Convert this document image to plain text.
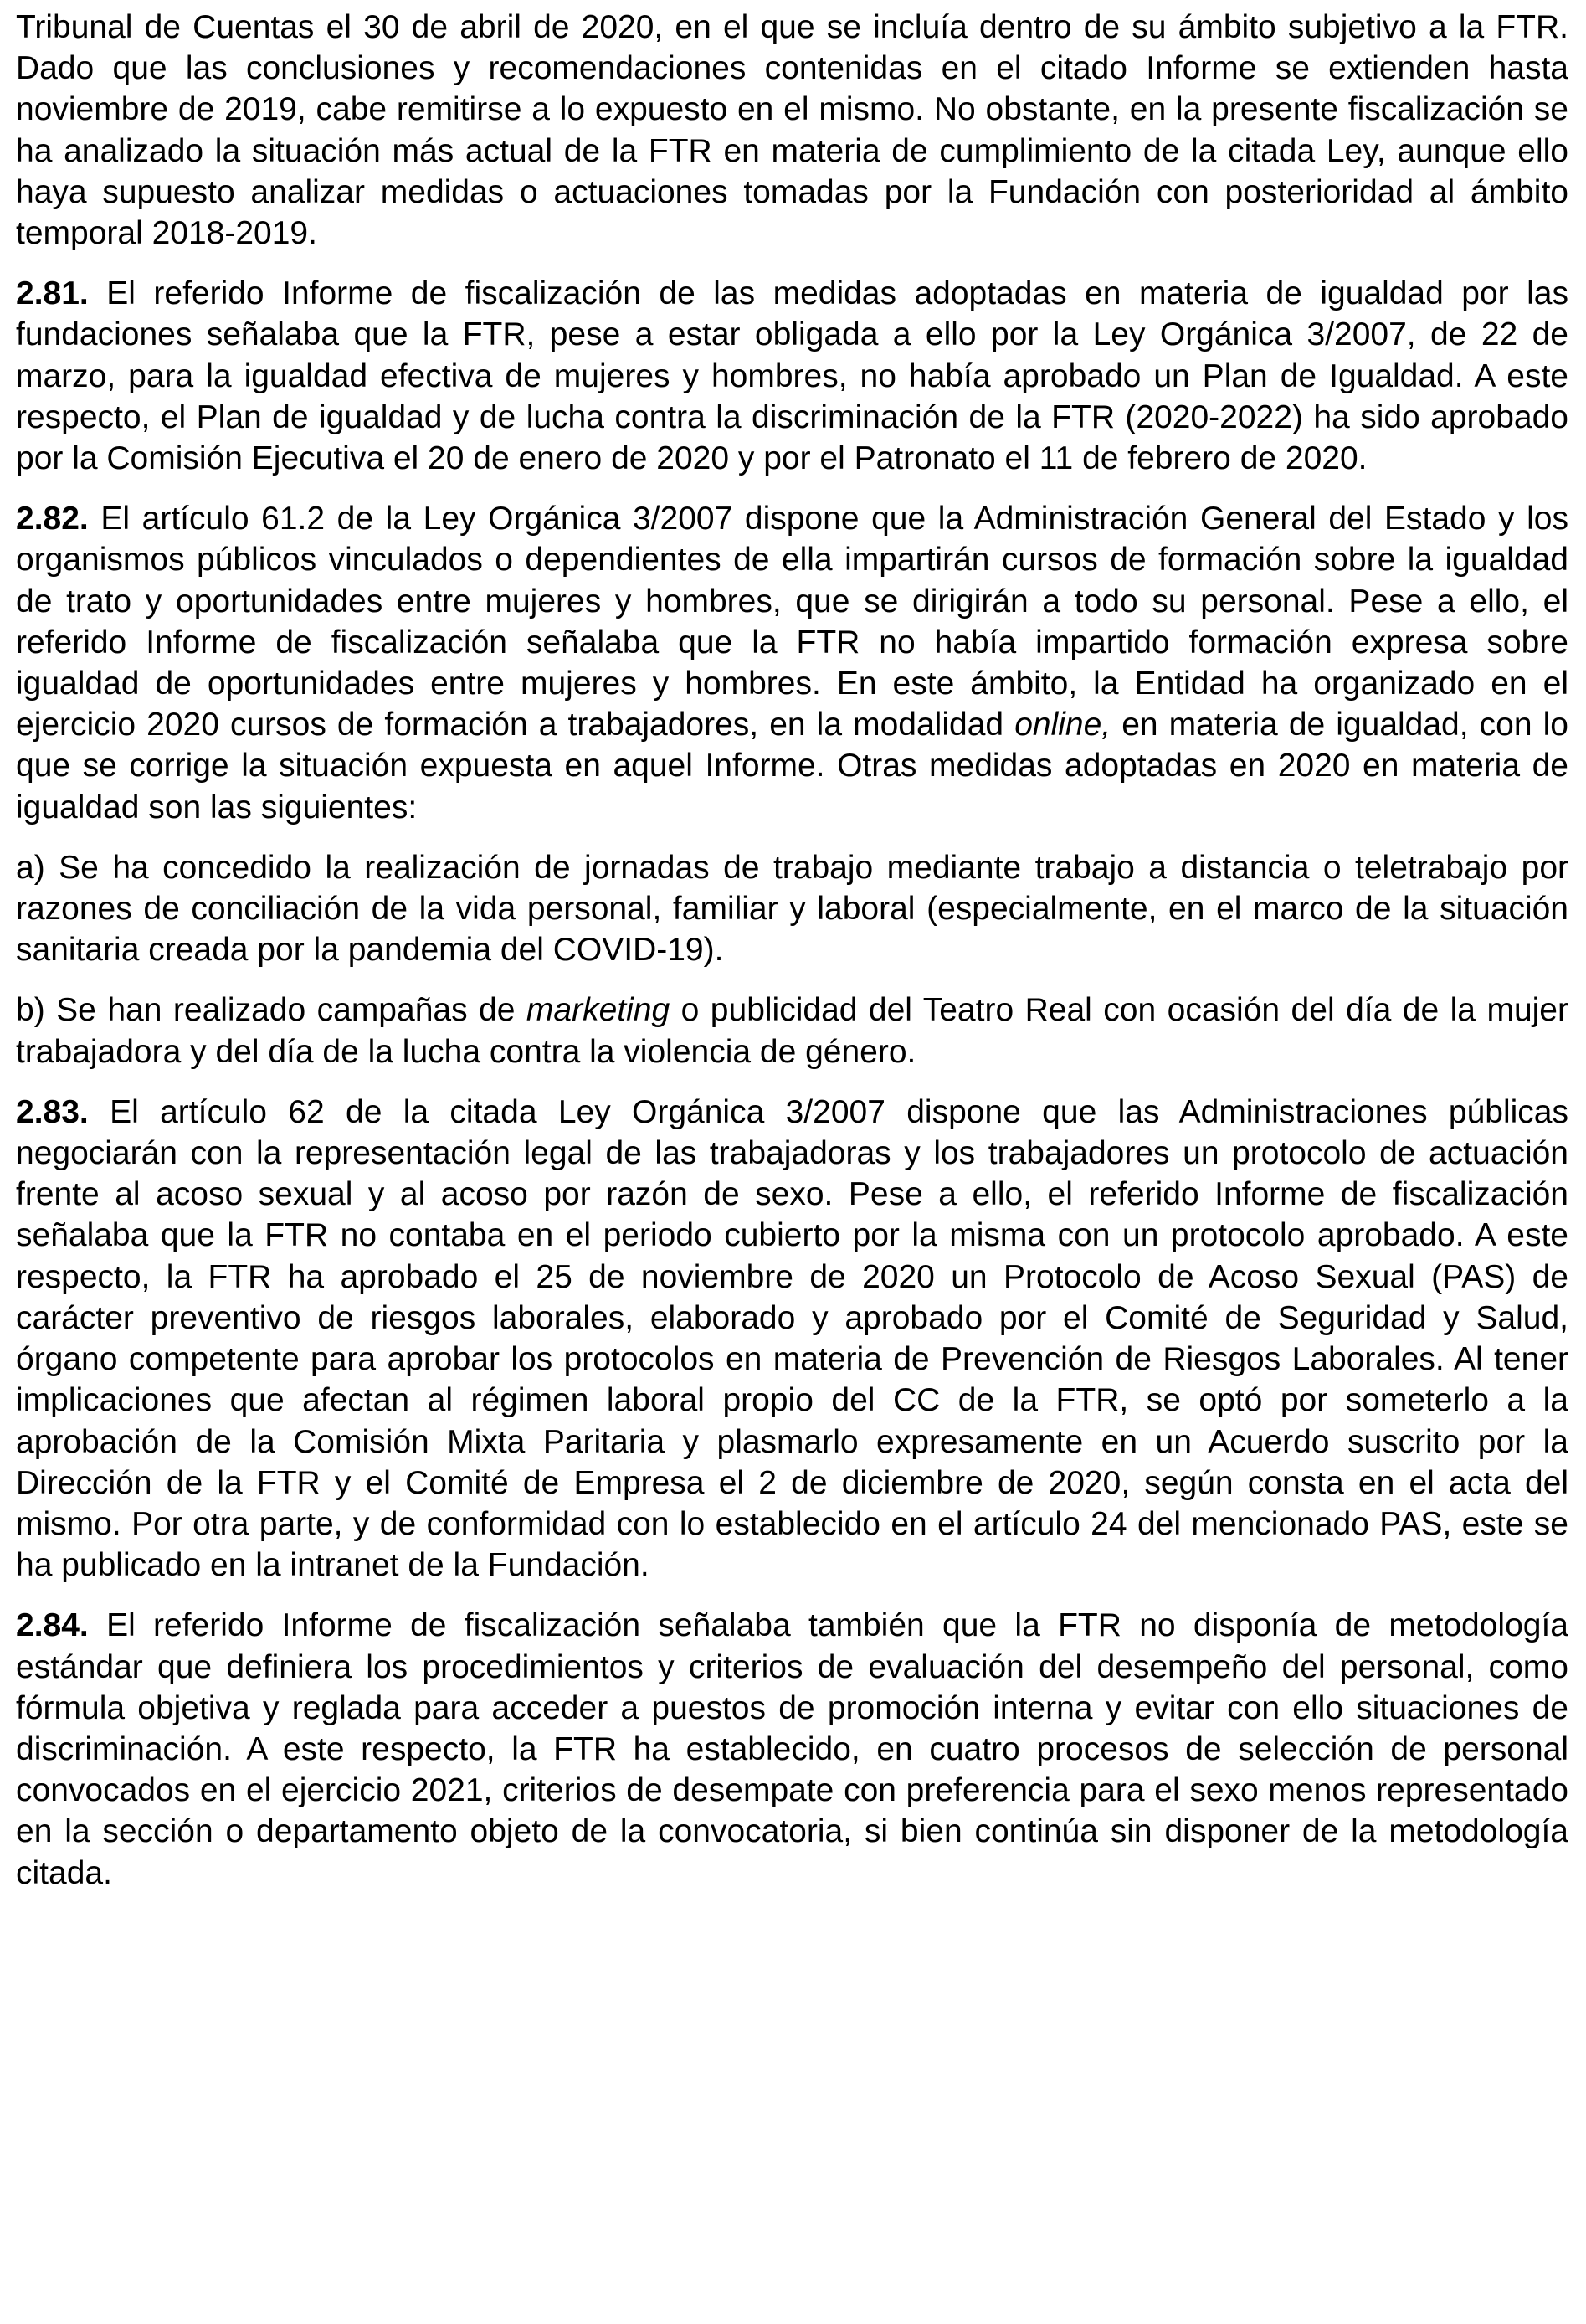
Tribunal de Cuentas el 30 de abril de 2020, en el que se incluía dentro de su ámbito subjetivo a la FTR. Dado que las conclusiones y recomendaciones contenidas en el citado Informe se extienden hasta noviembre de 2019, cabe remitirse a lo expuesto en el mismo. No obstante, en la presente fiscalización se ha analizado la situación más actual de la FTR en materia de cumplimiento de la citada Ley, aunque ello haya supuesto analizar medidas o actuaciones tomadas por la Fundación con posterioridad al ámbito temporal 2018-2019.

2.81. El referido Informe de fiscalización de las medidas adoptadas en materia de igualdad por las fundaciones señalaba que la FTR, pese a estar obligada a ello por la Ley Orgánica 3/2007, de 22 de marzo, para la igualdad efectiva de mujeres y hombres, no había aprobado un Plan de Igualdad. A este respecto, el Plan de igualdad y de lucha contra la discriminación de la FTR (2020-2022) ha sido aprobado por la Comisión Ejecutiva el 20 de enero de 2020 y por el Patronato el 11 de febrero de 2020.

2.82. El artículo 61.2 de la Ley Orgánica 3/2007 dispone que la Administración General del Estado y los organismos públicos vinculados o dependientes de ella impartirán cursos de formación sobre la igualdad de trato y oportunidades entre mujeres y hombres, que se dirigirán a todo su personal. Pese a ello, el referido Informe de fiscalización señalaba que la FTR no había impartido formación expresa sobre igualdad de oportunidades entre mujeres y hombres. En este ámbito, la Entidad ha organizado en el ejercicio 2020 cursos de formación a trabajadores, en la modalidad online, en materia de igualdad, con lo que se corrige la situación expuesta en aquel Informe. Otras medidas adoptadas en 2020 en materia de igualdad son las siguientes:

a) Se ha concedido la realización de jornadas de trabajo mediante trabajo a distancia o teletrabajo por razones de conciliación de la vida personal, familiar y laboral (especialmente, en el marco de la situación sanitaria creada por la pandemia del COVID-19).

b) Se han realizado campañas de marketing o publicidad del Teatro Real con ocasión del día de la mujer trabajadora y del día de la lucha contra la violencia de género.

2.83. El artículo 62 de la citada Ley Orgánica 3/2007 dispone que las Administraciones públicas negociarán con la representación legal de las trabajadoras y los trabajadores un protocolo de actuación frente al acoso sexual y al acoso por razón de sexo. Pese a ello, el referido Informe de fiscalización señalaba que la FTR no contaba en el periodo cubierto por la misma con un protocolo aprobado. A este respecto, la FTR ha aprobado el 25 de noviembre de 2020 un Protocolo de Acoso Sexual (PAS) de carácter preventivo de riesgos laborales, elaborado y aprobado por el Comité de Seguridad y Salud, órgano competente para aprobar los protocolos en materia de Prevención de Riesgos Laborales. Al tener implicaciones que afectan al régimen laboral propio del CC de la FTR, se optó por someterlo a la aprobación de la Comisión Mixta Paritaria y plasmarlo expresamente en un Acuerdo suscrito por la Dirección de la FTR y el Comité de Empresa el 2 de diciembre de 2020, según consta en el acta del mismo. Por otra parte, y de conformidad con lo establecido en el artículo 24 del mencionado PAS, este se ha publicado en la intranet de la Fundación.

2.84. El referido Informe de fiscalización señalaba también que la FTR no disponía de metodología estándar que definiera los procedimientos y criterios de evaluación del desempeño del personal, como fórmula objetiva y reglada para acceder a puestos de promoción interna y evitar con ello situaciones de discriminación. A este respecto, la FTR ha establecido, en cuatro procesos de selección de personal convocados en el ejercicio 2021, criterios de desempate con preferencia para el sexo menos representado en la sección o departamento objeto de la convocatoria, si bien continúa sin disponer de la metodología citada.
